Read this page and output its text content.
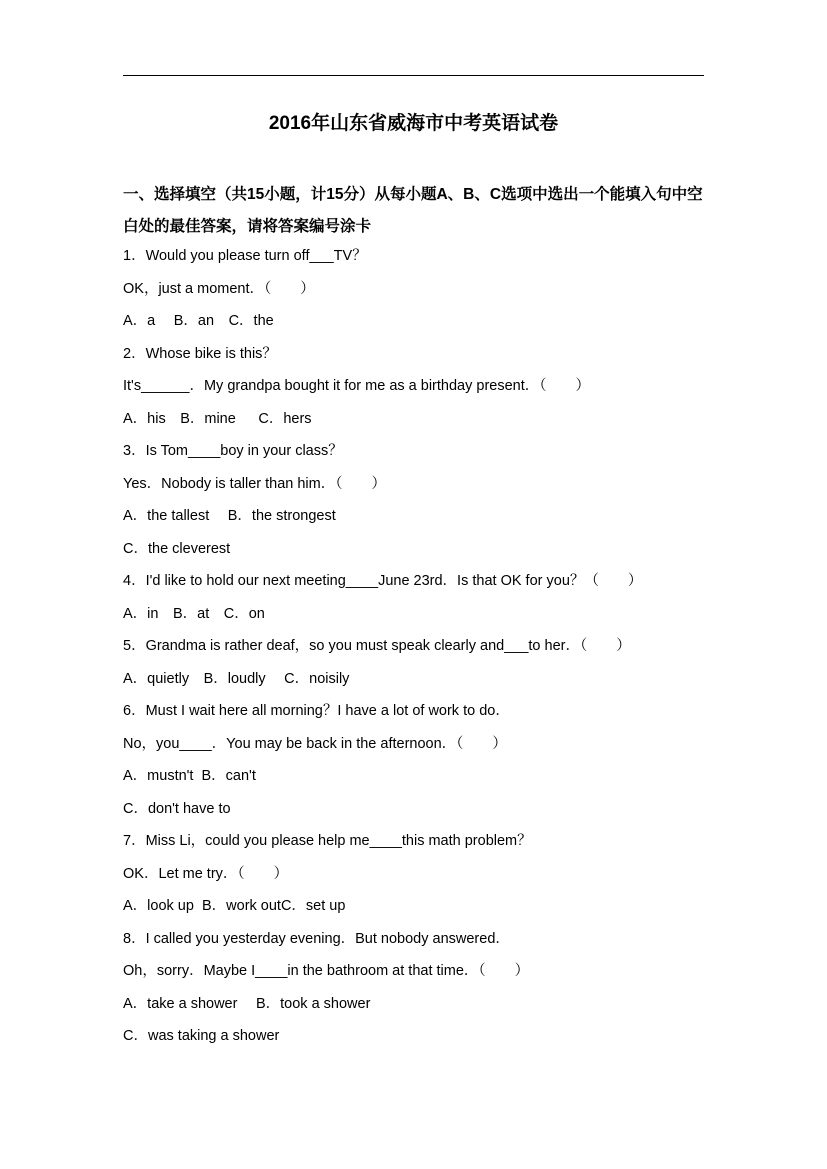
2016年山东省威海市中考英语试卷
一、选择填空（共15小题，计15分）从每小题A、B、C选项中选出一个能填入句中空白处的最佳答案，请将答案编号涂卡
1．﻿﻿﻿Would you please turn off___TV？
﻿﻿﻿OK，just a moment．（　　）
A．a　 B．an　C．the
2．﻿﻿﻿Whose bike is this？
﻿﻿﻿It's______．My grandpa bought it for me as a birthday present．（　　）
A．his　B．mine　  C．hers
3．﻿﻿﻿Is Tom____boy in your class？
﻿﻿﻿Yes．Nobody is taller than him．（　　）
A．the tallest　 B．the strongest
C．the cleverest
4．I'd like to hold our next meeting____June 23rd．Is that OK for you？（　　）
A．in　B．at　C．on
5．Grandma is rather deaf，so you must speak clearly and___to her．（　　）
A．quietly　B．loudly　 C．noisily
6．﻿﻿﻿Must I wait here all morning？I have a lot of work to do．
﻿﻿﻿No，you____．You may be back in the afternoon．（　　）
A．mustn't  B．can't
C．don't have to
7．﻿﻿﻿Miss Li，could you please help me____this math problem？
﻿﻿﻿OK．Let me try．（　　）
A．look up  B．work outC．set up
8．﻿﻿﻿I called you yesterday evening．But nobody answered．
﻿﻿﻿Oh，sorry．Maybe I____in the bathroom at that time．（　　）
A．take a shower　 B．took a shower
C．was taking a shower
